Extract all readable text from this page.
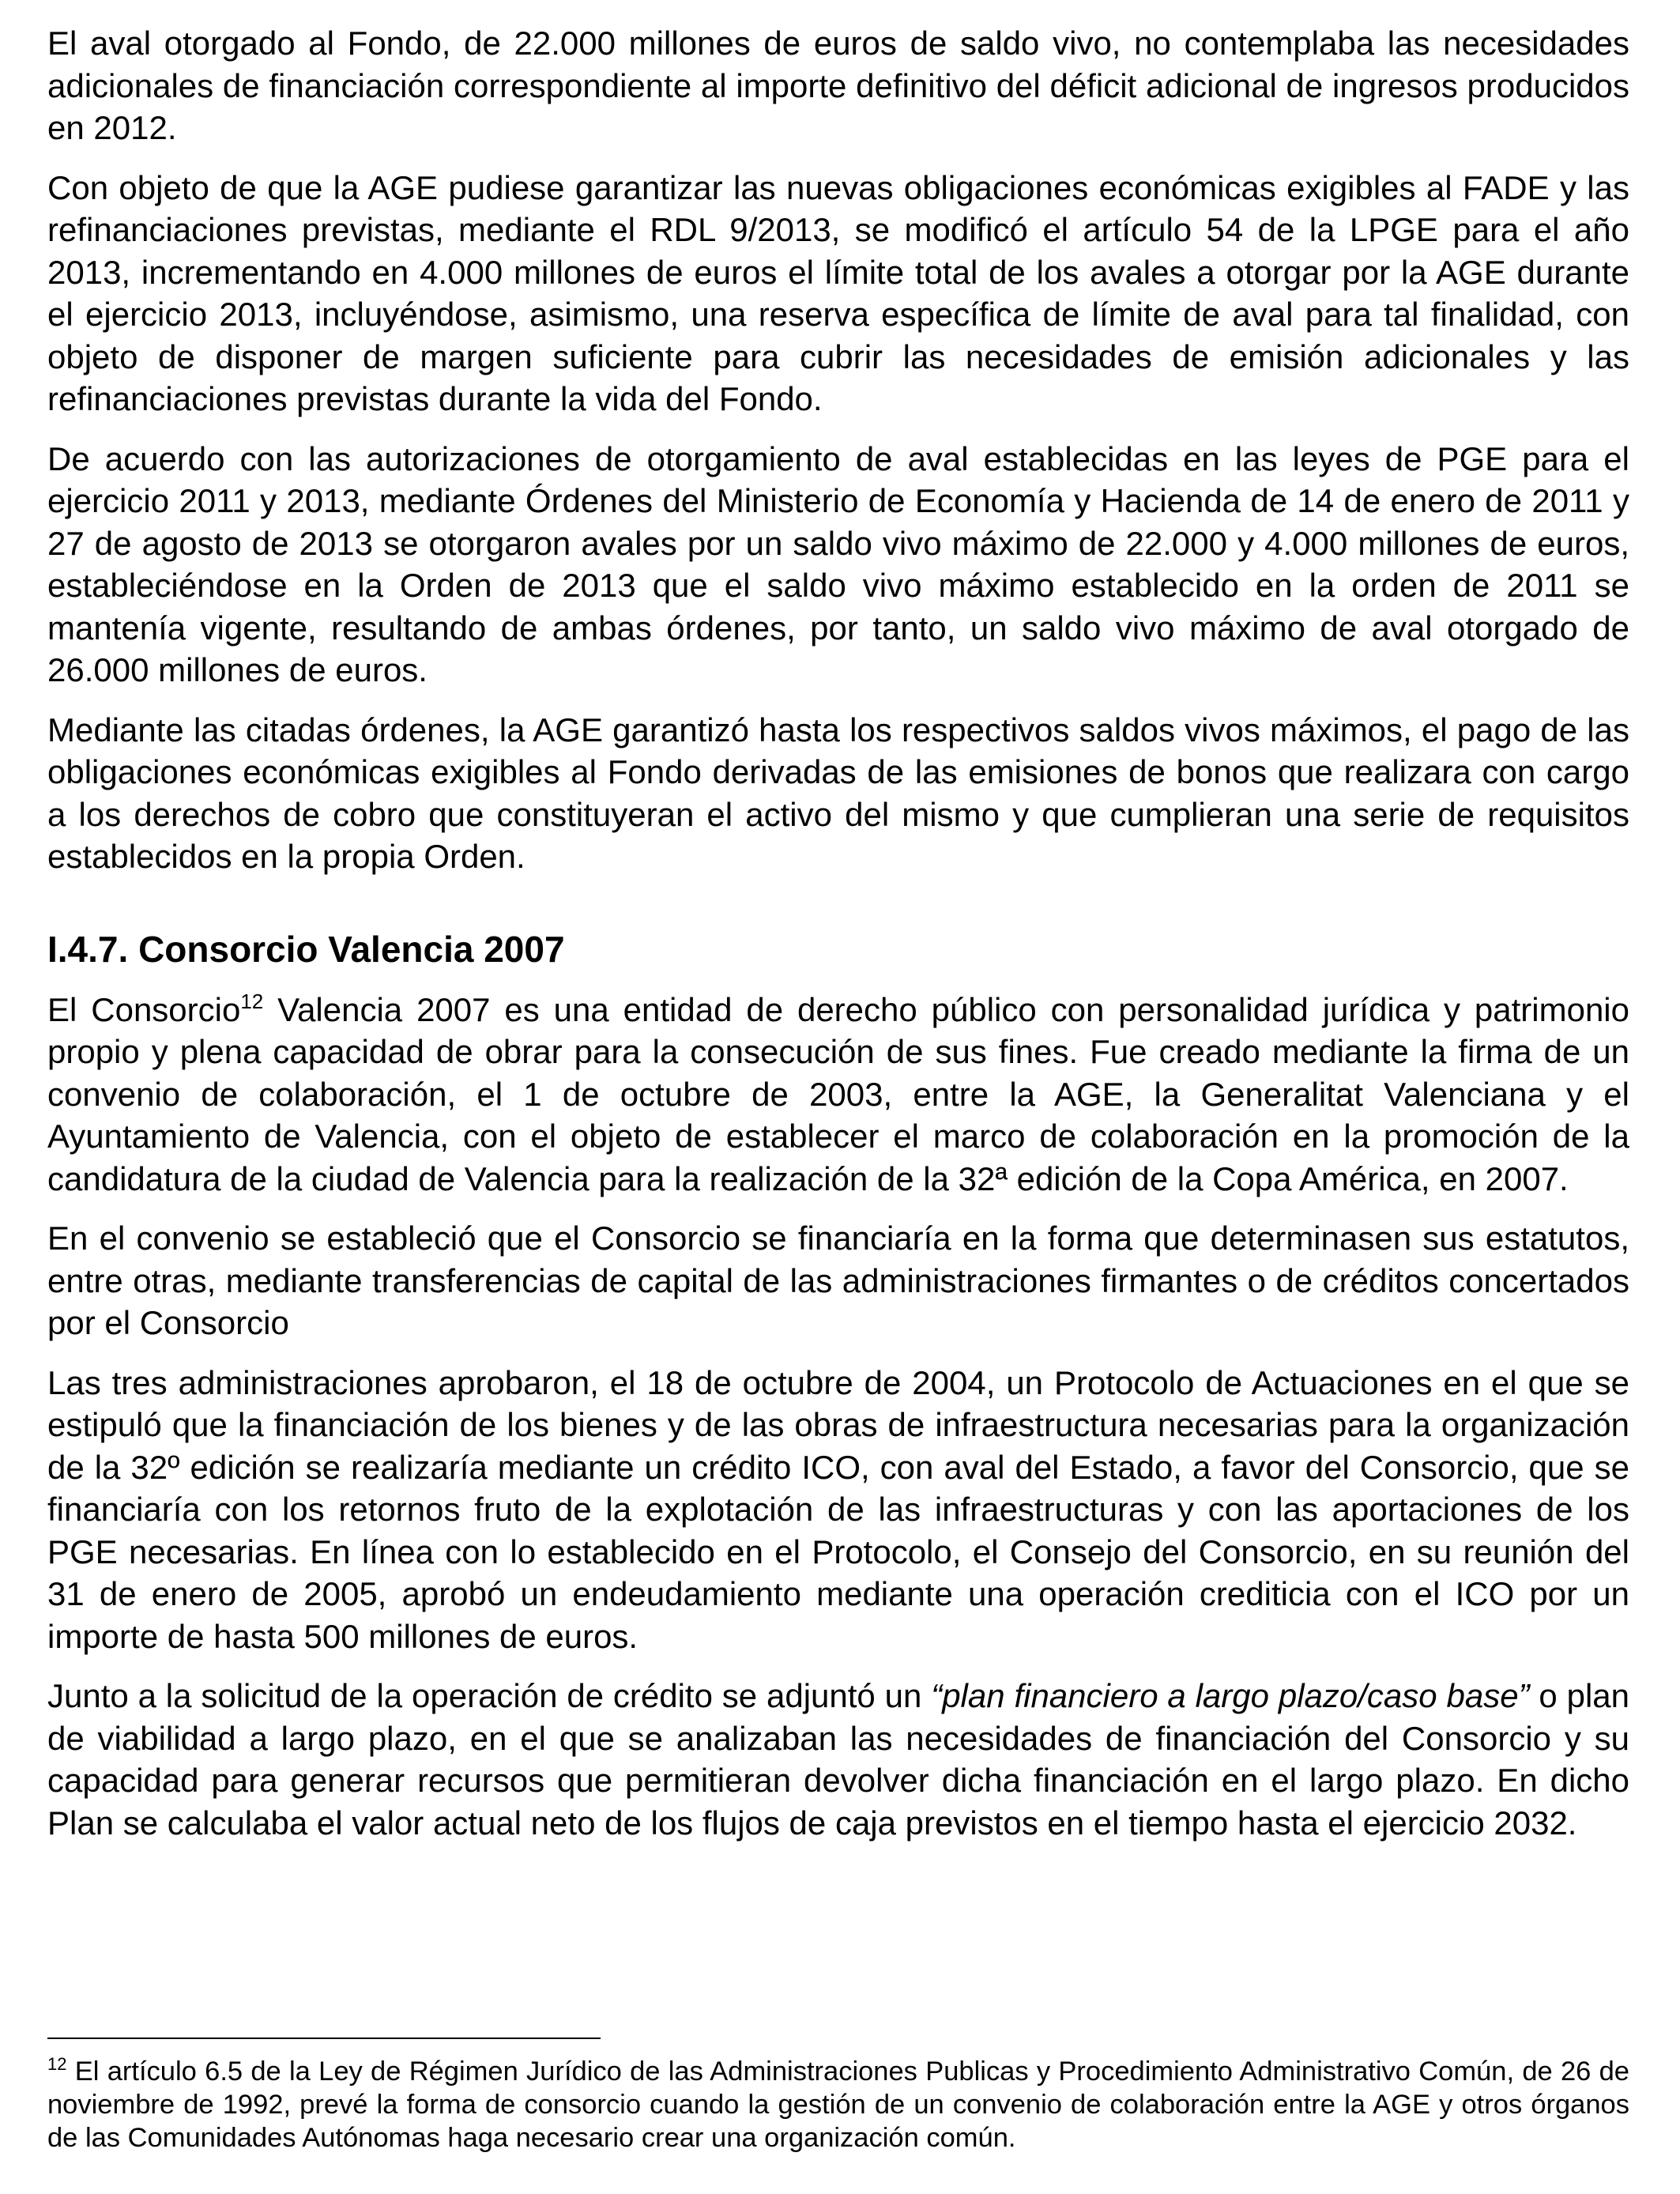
El aval otorgado al Fondo, de 22.000 millones de euros de saldo vivo, no contemplaba las necesidades adicionales de financiación correspondiente al importe definitivo del déficit adicional de ingresos producidos en 2012.

Con objeto de que la AGE pudiese garantizar las nuevas obligaciones económicas exigibles al FADE y las refinanciaciones previstas, mediante el RDL 9/2013, se modificó el artículo 54 de la LPGE para el año 2013, incrementando en 4.000 millones de euros el límite total de los avales a otorgar por la AGE durante el ejercicio 2013, incluyéndose, asimismo, una reserva específica de límite de aval para tal finalidad, con objeto de disponer de margen suficiente para cubrir las necesidades de emisión adicionales y las refinanciaciones previstas durante la vida del Fondo.

De acuerdo con las autorizaciones de otorgamiento de aval establecidas en las leyes de PGE para el ejercicio 2011 y 2013, mediante Órdenes del Ministerio de Economía y Hacienda de 14 de enero de 2011 y 27 de agosto de 2013 se otorgaron avales por un saldo vivo máximo de 22.000 y 4.000 millones de euros, estableciéndose en la Orden de 2013 que el saldo vivo máximo establecido en la orden de 2011 se mantenía vigente, resultando de ambas órdenes, por tanto, un saldo vivo máximo de aval otorgado de 26.000 millones de euros.

Mediante las citadas órdenes, la AGE garantizó hasta los respectivos saldos vivos máximos, el pago de las obligaciones económicas exigibles al Fondo derivadas de las emisiones de bonos que realizara con cargo a los derechos de cobro que constituyeran el activo del mismo y que cumplieran una serie de requisitos establecidos en la propia Orden.

I.4.7. Consorcio Valencia 2007

El Consorcio$^{12}$ Valencia 2007 es una entidad de derecho público con personalidad jurídica y patrimonio propio y plena capacidad de obrar para la consecución de sus fines. Fue creado mediante la firma de un convenio de colaboración, el 1 de octubre de 2003, entre la AGE, la Generalitat Valenciana y el Ayuntamiento de Valencia, con el objeto de establecer el marco de colaboración en la promoción de la candidatura de la ciudad de Valencia para la realización de la 32ª edición de la Copa América, en 2007.

En el convenio se estableció que el Consorcio se financiaría en la forma que determinasen sus estatutos, entre otras, mediante transferencias de capital de las administraciones firmantes o de créditos concertados por el Consorcio

Las tres administraciones aprobaron, el 18 de octubre de 2004, un Protocolo de Actuaciones en el que se estipuló que la financiación de los bienes y de las obras de infraestructura necesarias para la organización de la 32º edición se realizaría mediante un crédito ICO, con aval del Estado, a favor del Consorcio, que se financiaría con los retornos fruto de la explotación de las infraestructuras y con las aportaciones de los PGE necesarias. En línea con lo establecido en el Protocolo, el Consejo del Consorcio, en su reunión del 31 de enero de 2005, aprobó un endeudamiento mediante una operación crediticia con el ICO por un importe de hasta 500 millones de euros.

Junto a la solicitud de la operación de crédito se adjuntó un “plan financiero a largo plazo/caso base” o plan de viabilidad a largo plazo, en el que se analizaban las necesidades de financiación del Consorcio y su capacidad para generar recursos que permitieran devolver dicha financiación en el largo plazo. En dicho Plan se calculaba el valor actual neto de los flujos de caja previstos en el tiempo hasta el ejercicio 2032.

$^{12}$ El artículo 6.5 de la Ley de Régimen Jurídico de las Administraciones Publicas y Procedimiento Administrativo Común, de 26 de noviembre de 1992, prevé la forma de consorcio cuando la gestión de un convenio de colaboración entre la AGE y otros órganos de las Comunidades Autónomas haga necesario crear una organización común.
